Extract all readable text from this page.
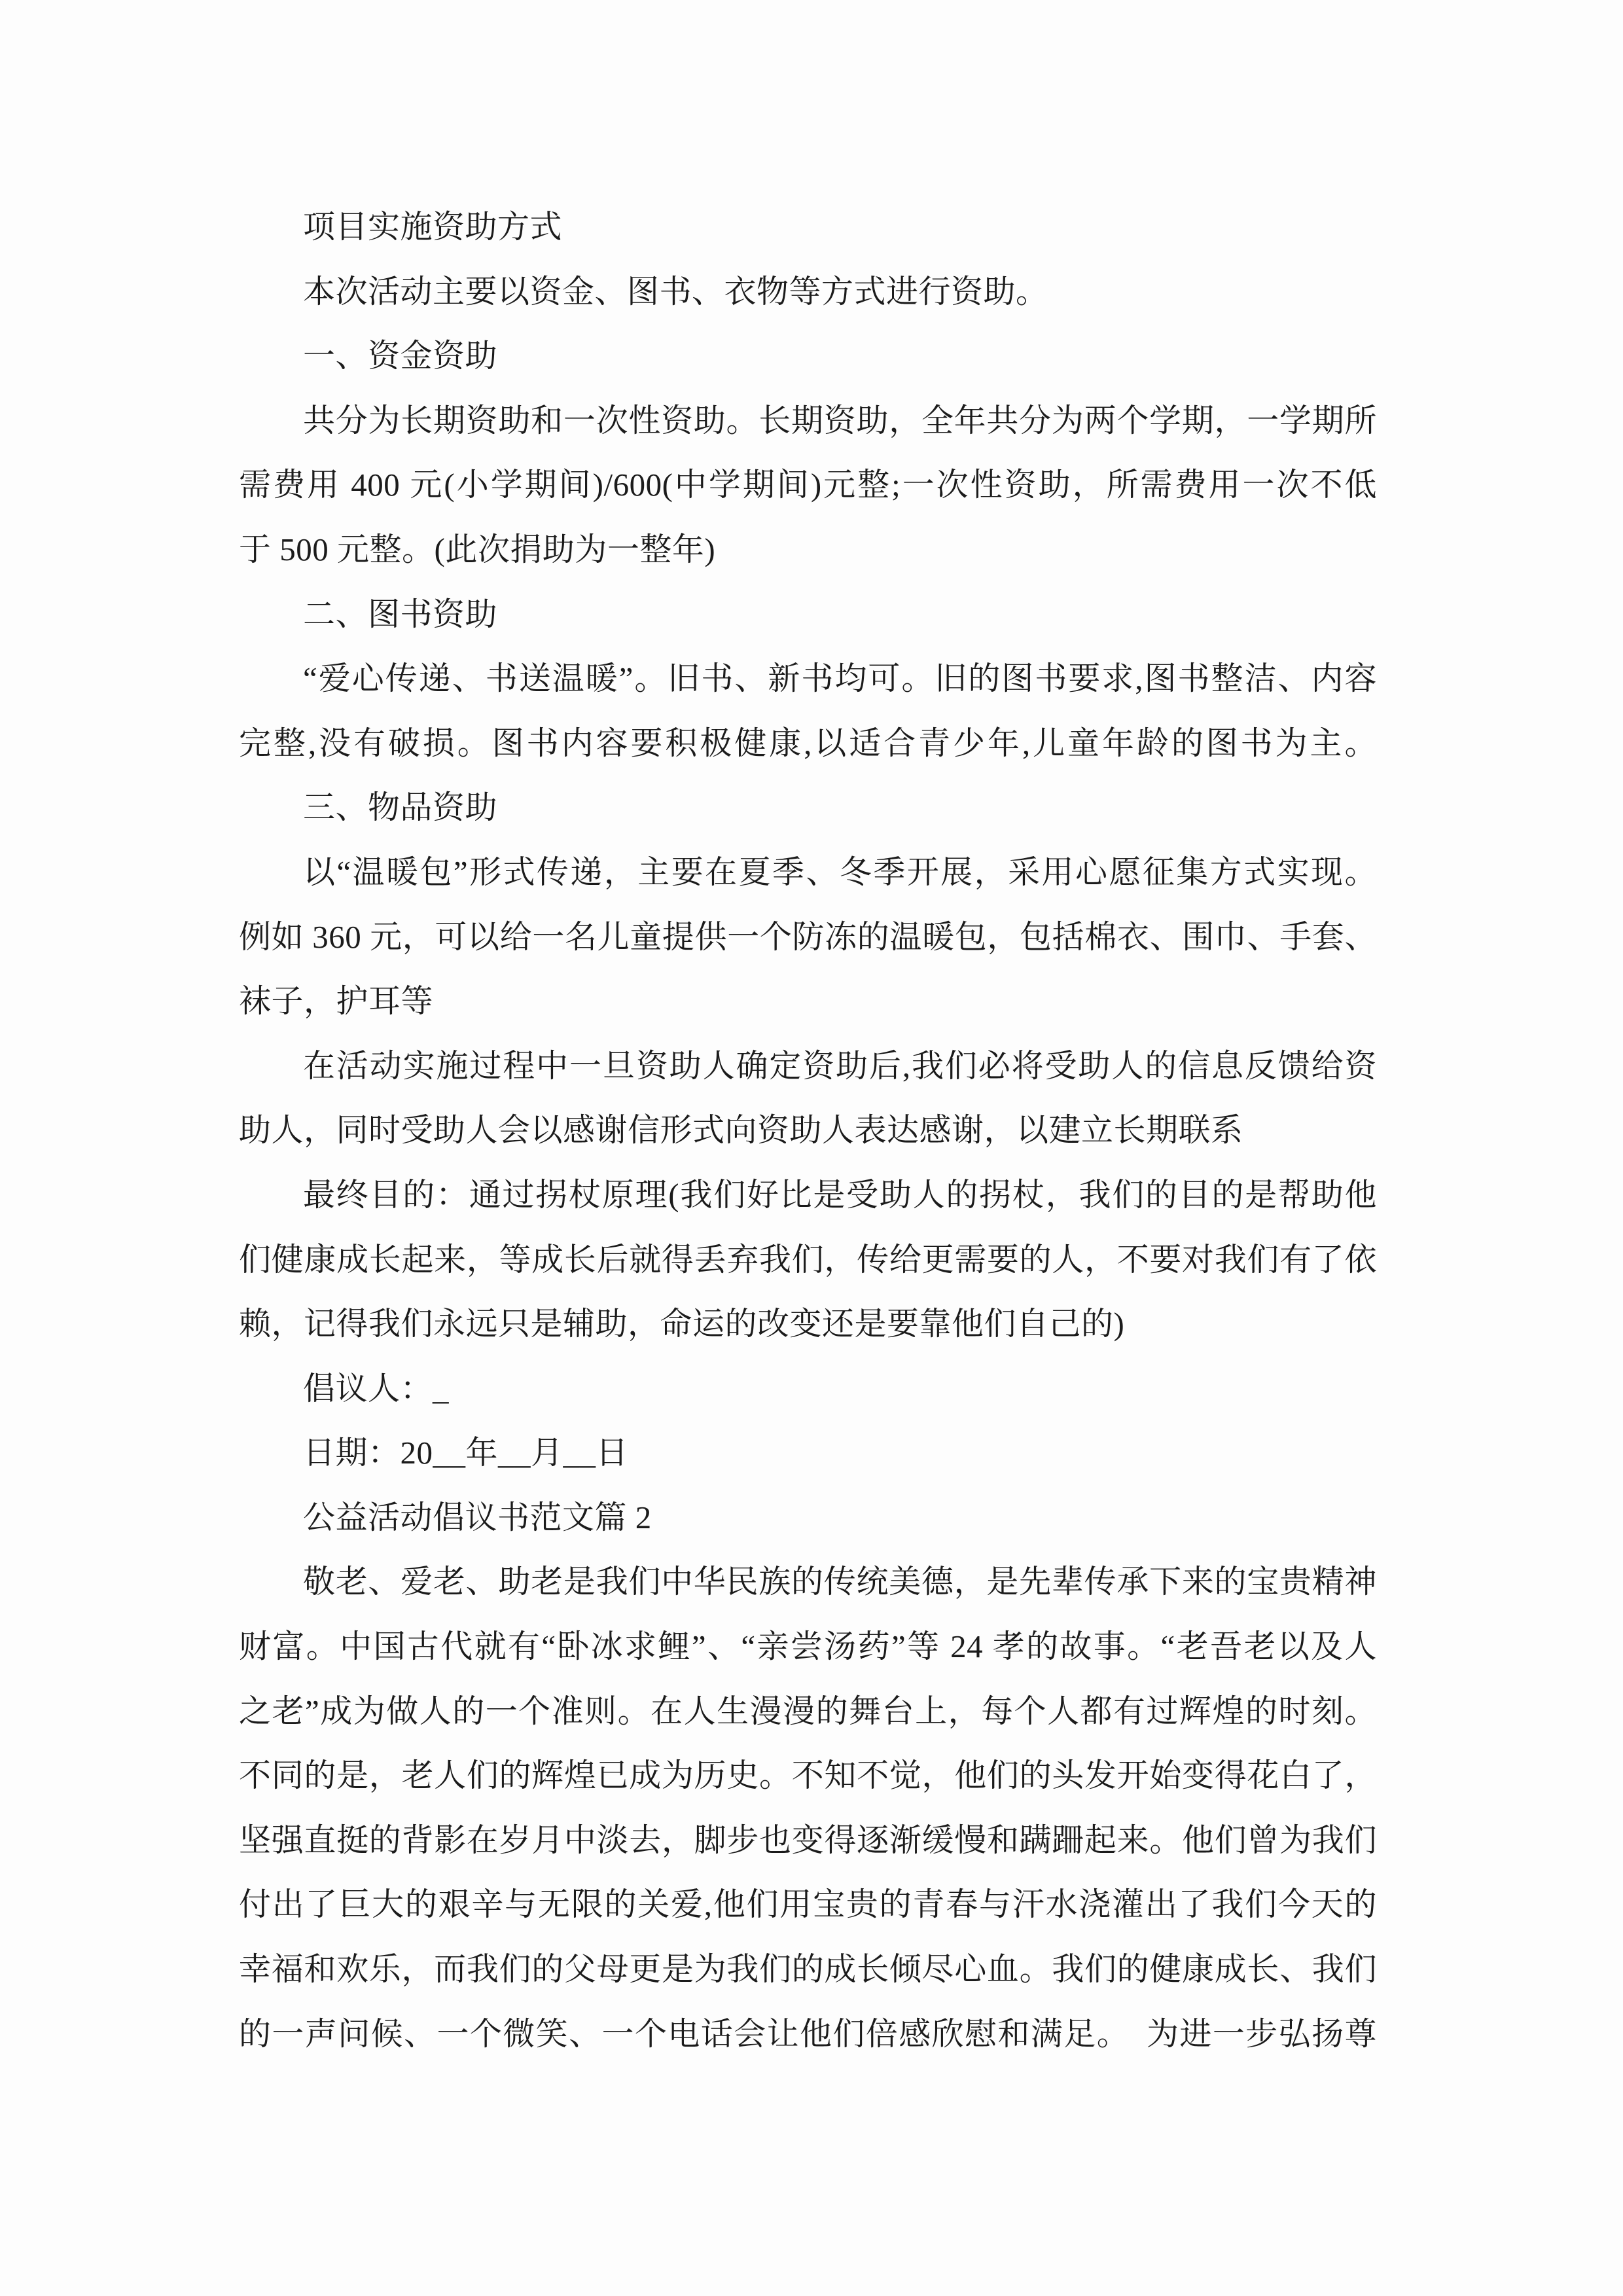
项目实施资助方式
本次活动主要以资金、图书、衣物等方式进行资助。
一、资金资助
共分为长期资助和一次性资助。长期资助，全年共分为两个学期，一学期所
需费用 400 元(小学期间)/600(中学期间)元整;一次性资助，所需费用一次不低
于 500 元整。(此次捐助为一整年)
二、图书资助
“爱心传递、书送温暖”。旧书、新书均可。旧的图书要求,图书整洁、内容
完整,没有破损。图书内容要积极健康,以适合青少年,儿童年龄的图书为主。
三、物品资助
以“温暖包”形式传递，主要在夏季、冬季开展，采用心愿征集方式实现。
例如 360 元，可以给一名儿童提供一个防冻的温暖包，包括棉衣、围巾、手套、
袜子，护耳等
在活动实施过程中一旦资助人确定资助后,我们必将受助人的信息反馈给资
助人，同时受助人会以感谢信形式向资助人表达感谢，以建立长期联系
最终目的：通过拐杖原理(我们好比是受助人的拐杖，我们的目的是帮助他
们健康成长起来，等成长后就得丢弃我们，传给更需要的人，不要对我们有了依
赖，记得我们永远只是辅助，命运的改变还是要靠他们自己的)
倡议人：_
日期：20__年__月__日
公益活动倡议书范文篇 2
敬老、爱老、助老是我们中华民族的传统美德，是先辈传承下来的宝贵精神
财富。中国古代就有“卧冰求鲤”、“亲尝汤药”等 24 孝的故事。“老吾老以及人
之老”成为做人的一个准则。在人生漫漫的舞台上，每个人都有过辉煌的时刻。
不同的是，老人们的辉煌已成为历史。不知不觉，他们的头发开始变得花白了，
坚强直挺的背影在岁月中淡去，脚步也变得逐渐缓慢和蹒跚起来。他们曾为我们
付出了巨大的艰辛与无限的关爱,他们用宝贵的青春与汗水浇灌出了我们今天的
幸福和欢乐，而我们的父母更是为我们的成长倾尽心血。我们的健康成长、我们
的一声问候、一个微笑、一个电话会让他们倍感欣慰和满足。　为进一步弘扬尊
